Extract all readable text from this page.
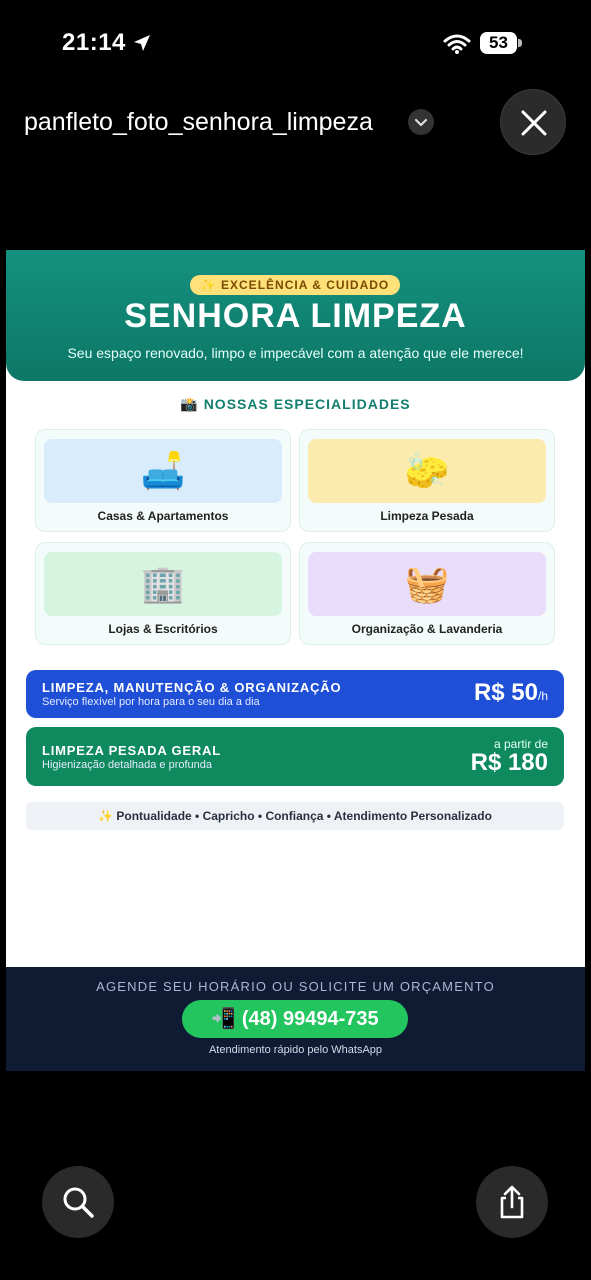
21:14	53
panfleto_foto_senhora_limpeza
✨ EXCELÊNCIA & CUIDADO
SENHORA LIMPEZA
Seu espaço renovado, limpo e impecável com a atenção que ele merece!
📸 NOSSAS ESPECIALIDADES
🛋️
Casas & Apartamentos
🧽
Limpeza Pesada
🏢
Lojas & Escritórios
🧺
Organização & Lavanderia
LIMPEZA, MANUTENÇÃO & ORGANIZAÇÃO
Serviço flexível por hora para o seu dia a dia	R$ 50/h
LIMPEZA PESADA GERAL
Higienização detalhada e profunda
a partir de
R$ 180
✨ Pontualidade • Capricho • Confiança • Atendimento Personalizado
AGENDE SEU HORÁRIO OU SOLICITE UM ORÇAMENTO
📲 (48) 99494-735
Atendimento rápido pelo WhatsApp
